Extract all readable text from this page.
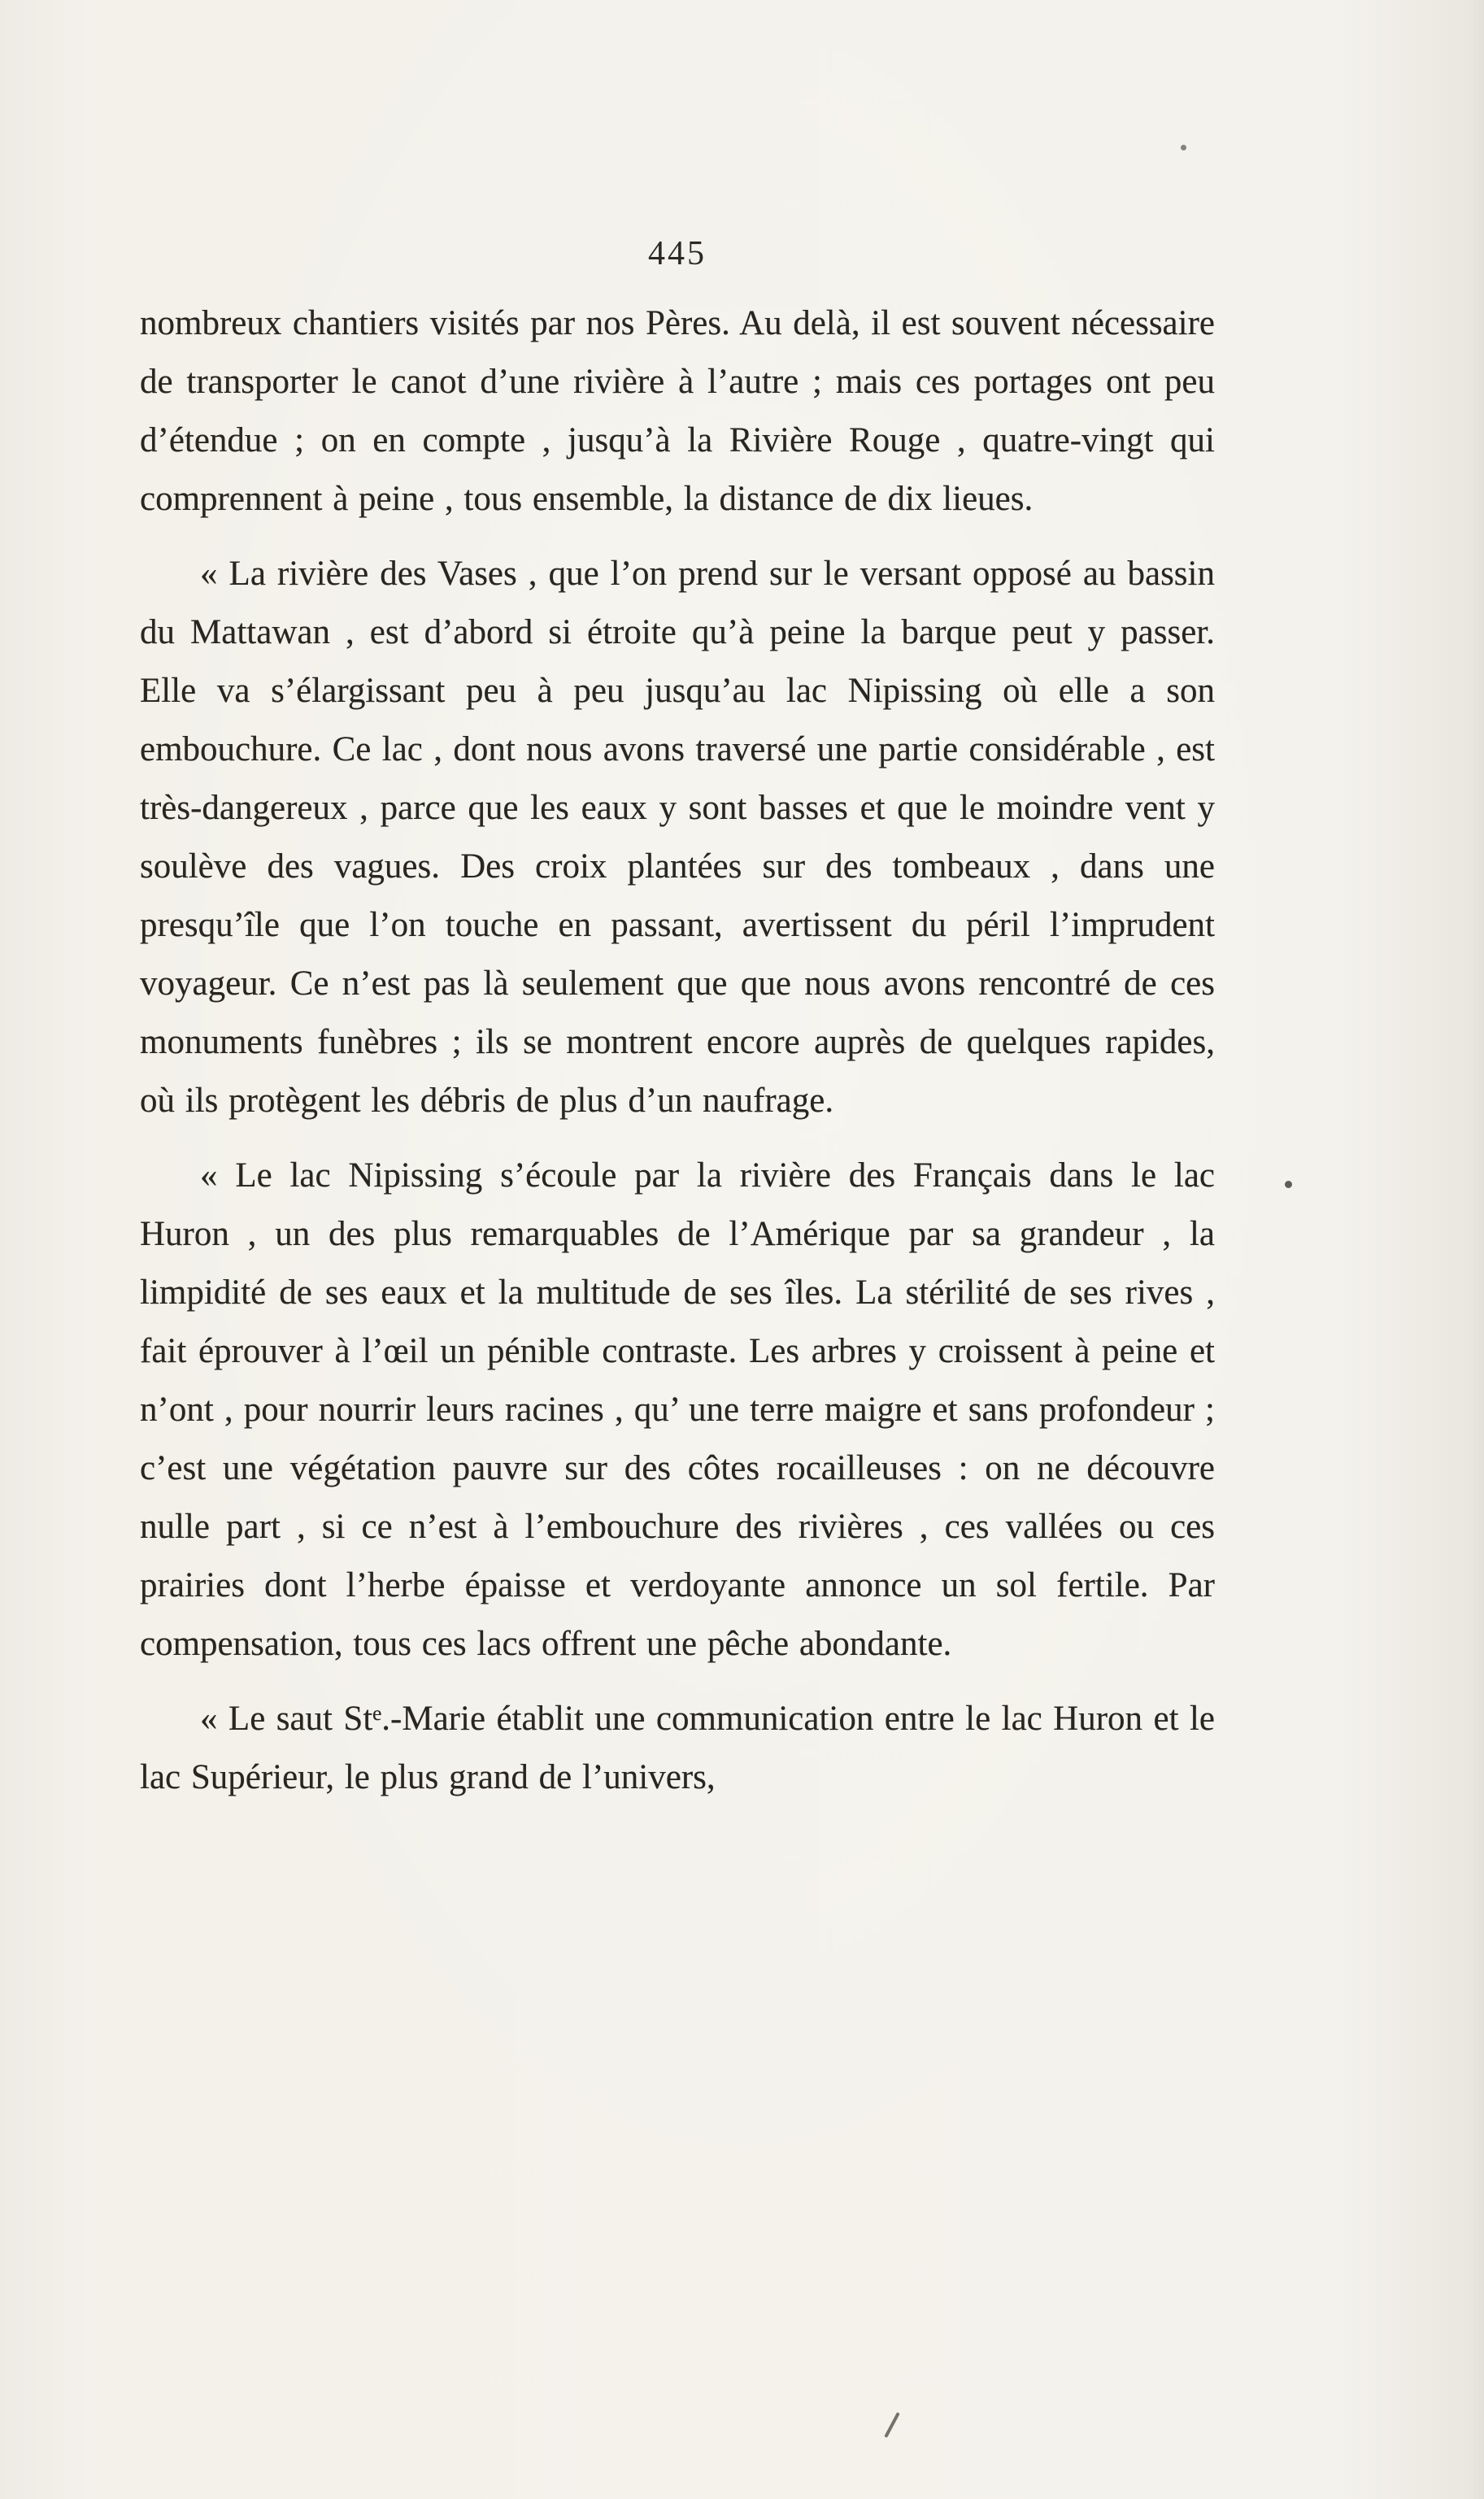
445

nombreux chantiers visités par nos Pères. Au delà, il est souvent nécessaire de transporter le canot d’une rivière à l’autre ; mais ces portages ont peu d’étendue ; on en compte , jusqu’à la Rivière Rouge , quatre-vingt qui comprennent à peine , tous ensemble, la distance de dix lieues.

« La rivière des Vases , que l’on prend sur le versant opposé au bassin du Mattawan , est d’abord si étroite qu’à peine la barque peut y passer. Elle va s’élargissant peu à peu jusqu’au lac Nipissing où elle a son embouchure. Ce lac , dont nous avons traversé une partie considérable , est très-dangereux , parce que les eaux y sont basses et que le moindre vent y soulève des vagues. Des croix plantées sur des tombeaux , dans une presqu’île que l’on touche en passant, avertissent du péril l’imprudent voyageur. Ce n’est pas là seulement que que nous avons rencontré de ces monuments funèbres ; ils se montrent encore auprès de quelques rapides, où ils protègent les débris de plus d’un naufrage.

« Le lac Nipissing s’écoule par la rivière des Français dans le lac Huron , un des plus remarquables de l’Amérique par sa grandeur , la limpidité de ses eaux et la multitude de ses îles. La stérilité de ses rives , fait éprouver à l’œil un pénible contraste. Les arbres y croissent à peine et n’ont , pour nourrir leurs racines , qu’ une terre maigre et sans profondeur ; c’est une végétation pauvre sur des côtes rocailleuses : on ne découvre nulle part , si ce n’est à l’embouchure des rivières , ces vallées ou ces prairies dont l’herbe épaisse et verdoyante annonce un sol fertile. Par compensation, tous ces lacs offrent une pêche abondante.

« Le saut Stᵉ.-Marie établit une communication entre le lac Huron et le lac Supérieur, le plus grand de l’univers,
